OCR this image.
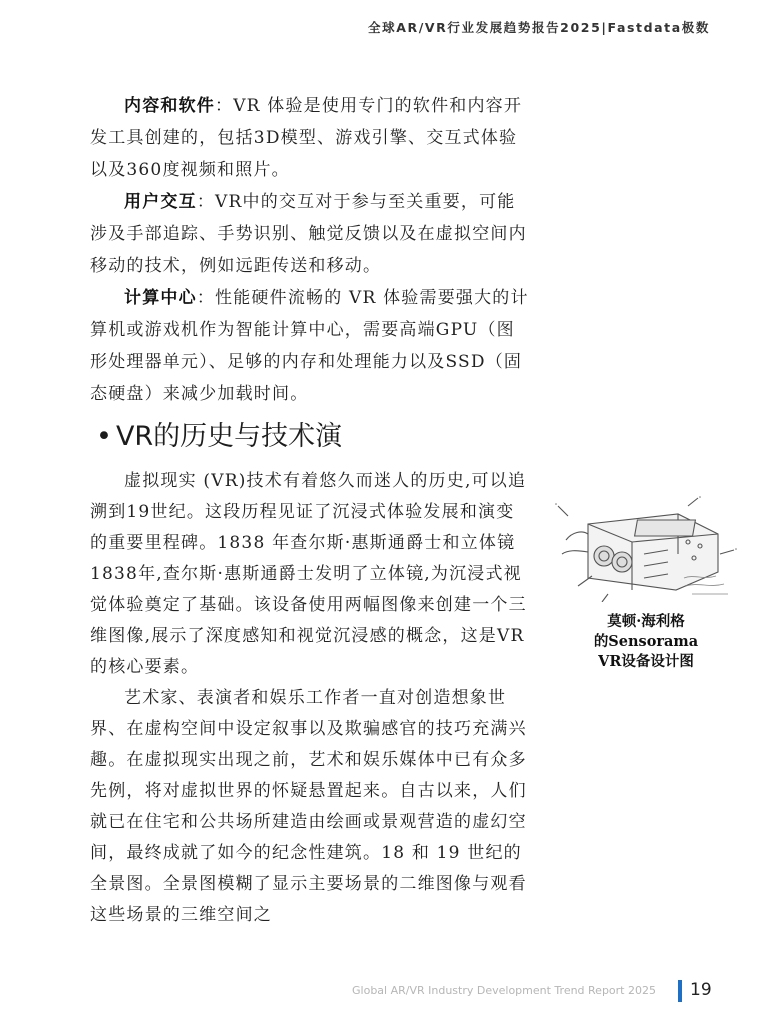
全球AR/VR行业发展趋势报告2025|Fastdata极数

内容和软件：VR 体验是使用专门的软件和内容开发工具创建的，包括3D模型、游戏引擎、交互式体验以及360度视频和照片。

用户交互：VR中的交互对于参与至关重要，可能涉及手部追踪、手势识别、触觉反馈以及在虚拟空间内移动的技术，例如远距传送和移动。

计算中心：性能硬件流畅的 VR 体验需要强大的计算机或游戏机作为智能计算中心，需要高端GPU（图形处理器单元）、足够的内存和处理能力以及SSD（固态硬盘）来减少加载时间。

• VR的历史与技术演

虚拟现实 (VR)技术有着悠久而迷人的历史,可以追溯到19世纪。这段历程见证了沉浸式体验发展和演变的重要里程碑。1838 年查尔斯·惠斯通爵士和立体镜1838年,查尔斯·惠斯通爵士发明了立体镜,为沉浸式视觉体验奠定了基础。该设备使用两幅图像来创建一个三维图像,展示了深度感知和视觉沉浸感的概念，这是VR的核心要素。

艺术家、表演者和娱乐工作者一直对创造想象世界、在虚构空间中设定叙事以及欺骗感官的技巧充满兴趣。在虚拟现实出现之前，艺术和娱乐媒体中已有众多先例，将对虚拟世界的怀疑悬置起来。自古以来，人们就已在住宅和公共场所建造由绘画或景观营造的虚幻空间，最终成就了如今的纪念性建筑。18 和 19 世纪的全景图。全景图模糊了显示主要场景的二维图像与观看这些场景的三维空间之

莫顿·海利格
的Sensorama
VR设备设计图
Global AR/VR Industry Development Trend Report 2025 19
